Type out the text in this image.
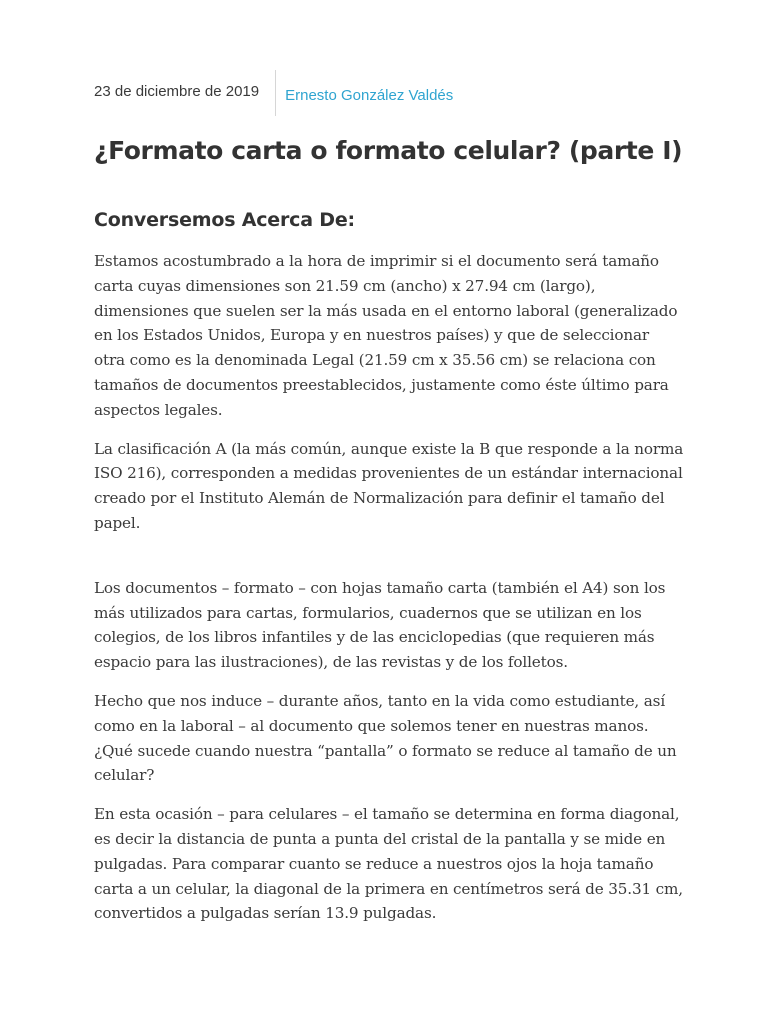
23 de diciembre de 2019	Ernesto González Valdés
¿Formato carta o formato celular? (parte I)
Conversemos Acerca De:

Estamos acostumbrado a la hora de imprimir si el documento será tamaño carta cuyas dimensiones son 21.59 cm (ancho) x 27.94 cm (largo), dimensiones que suelen ser la más usada en el entorno laboral (generalizado en los Estados Unidos, Europa y en nuestros países) y que de seleccionar otra como es la denominada Legal (21.59 cm x 35.56 cm) se relaciona con tamaños de documentos preestablecidos, justamente como éste último para aspectos legales.

La clasificación A (la más común, aunque existe la B que responde a la norma ISO 216), corresponden a medidas provenientes de un estándar internacional creado por el Instituto Alemán de Normalización para definir el tamaño del papel.

Los documentos – formato – con hojas tamaño carta (también el A4) son los más utilizados para cartas, formularios, cuadernos que se utilizan en los colegios, de los libros infantiles y de las enciclopedias (que requieren más espacio para las ilustraciones), de las revistas y de los folletos.

Hecho que nos induce – durante años, tanto en la vida como estudiante, así como en la laboral – al documento que solemos tener en nuestras manos. ¿Qué sucede cuando nuestra “pantalla” o formato se reduce al tamaño de un celular?

En esta ocasión – para celulares – el tamaño se determina en forma diagonal, es decir la distancia de punta a punta del cristal de la pantalla y se mide en pulgadas. Para comparar cuanto se reduce a nuestros ojos la hoja tamaño carta a un celular, la diagonal de la primera en centímetros será de 35.31 cm, convertidos a pulgadas serían 13.9 pulgadas.
